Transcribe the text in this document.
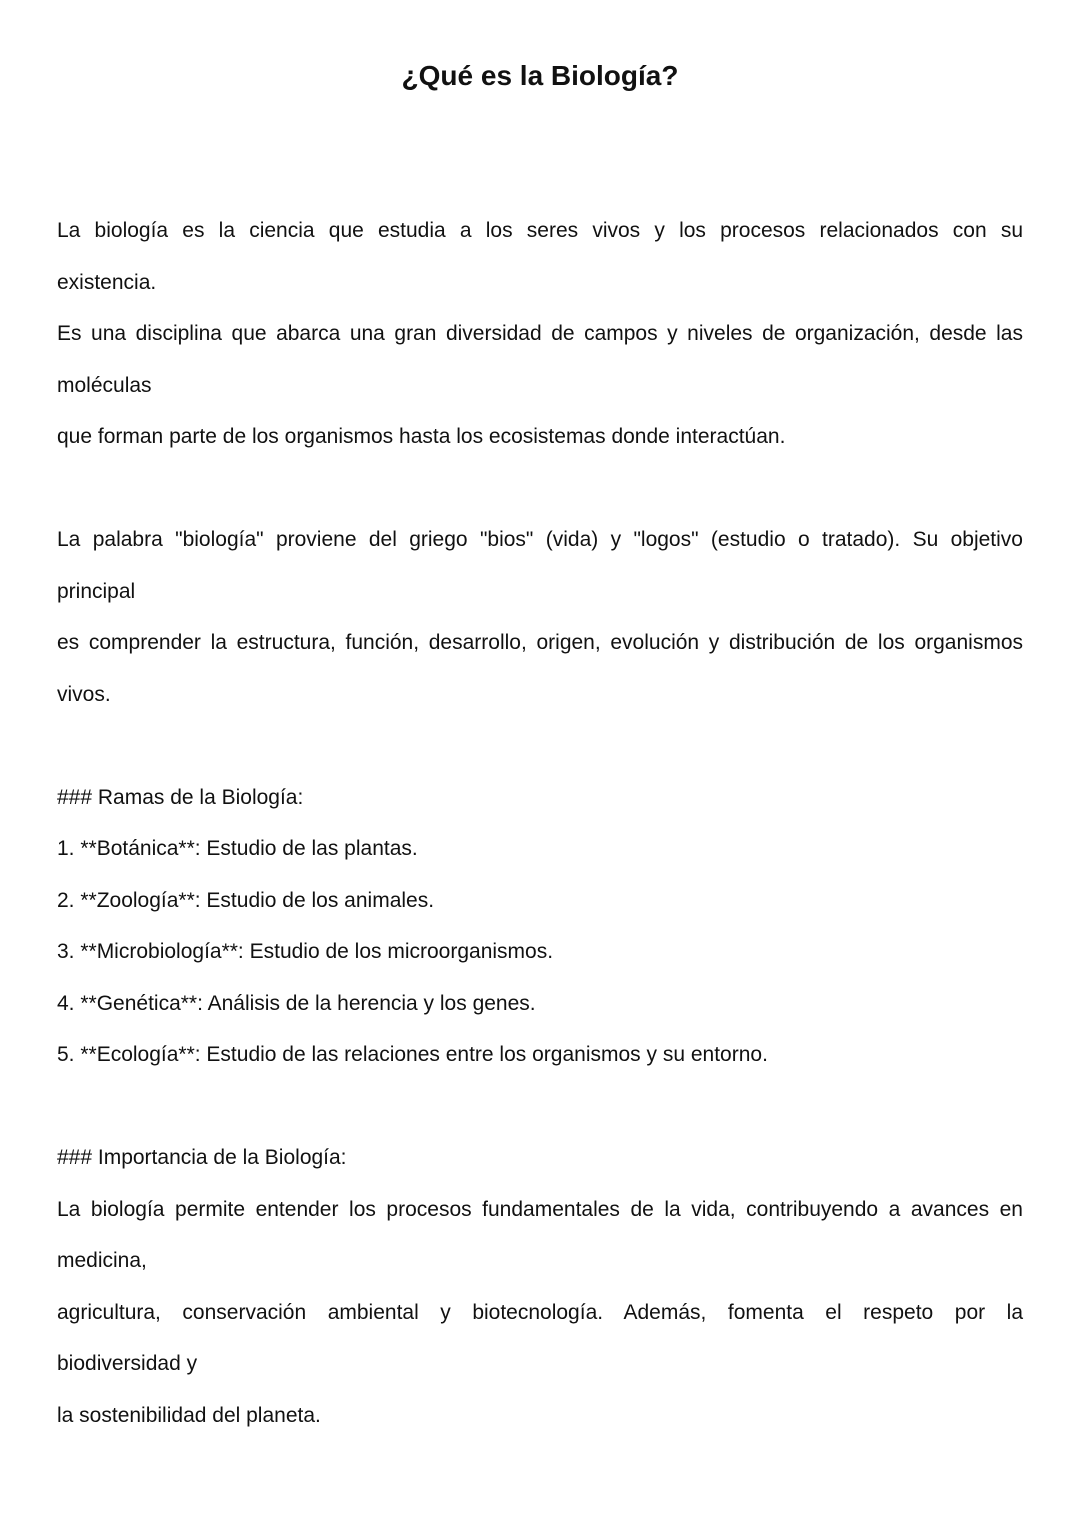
¿Qué es la Biología?
La biología es la ciencia que estudia a los seres vivos y los procesos relacionados con su
existencia.
Es una disciplina que abarca una gran diversidad de campos y niveles de organización, desde las
moléculas
que forman parte de los organismos hasta los ecosistemas donde interactúan.
La palabra "biología" proviene del griego "bios" (vida) y "logos" (estudio o tratado). Su objetivo
principal
es comprender la estructura, función, desarrollo, origen, evolución y distribución de los organismos
vivos.
### Ramas de la Biología:
1. **Botánica**: Estudio de las plantas.
2. **Zoología**: Estudio de los animales.
3. **Microbiología**: Estudio de los microorganismos.
4. **Genética**: Análisis de la herencia y los genes.
5. **Ecología**: Estudio de las relaciones entre los organismos y su entorno.
### Importancia de la Biología:
La biología permite entender los procesos fundamentales de la vida, contribuyendo a avances en
medicina,
agricultura, conservación ambiental y biotecnología. Además, fomenta el respeto por la
biodiversidad y
la sostenibilidad del planeta.
